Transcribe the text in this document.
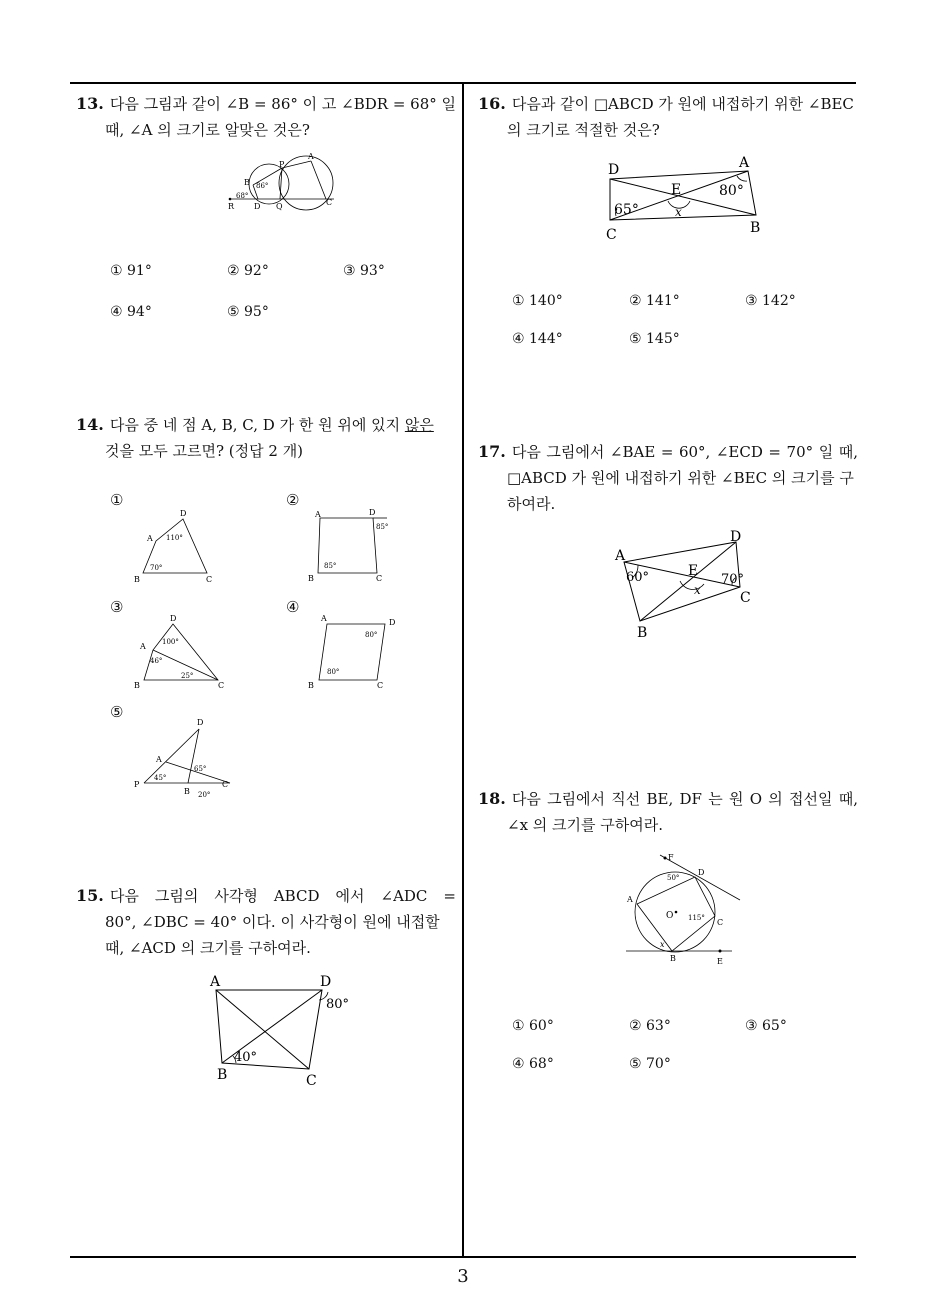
13. 다음 그림과 같이 ∠B = 86° 이 고 ∠BDR = 68° 일
때, ∠A 의 크기로 알맞은 것은?
P
A
B 86°
68°
R D Q	C
① 91°	② 92°	③ 93°
④ 94°	⑤ 95°
14. 다음 중 네 점 A, B, C, D 가 한 원 위에 있지 않은
것을 모두 고르면? (정답 2 개)
①
D
A 110°
70°
B	C
②
A	D
85°
85°
B	C
③
D
A 100°
46°
25°
B	C
④
A	D
80°
80°
B	C
⑤
D
A
65°
45°
P
B 20°
C
15. 다음 그림의 사각형 ABCD 에서 ∠ADC =
80°, ∠DBC = 40° 이다. 이 사각형이 원에 내접할
때, ∠ACD 의 크기를 구하여라.
A	D
80°
40°
B	C
16. 다음과 같이 □ABCD 가 원에 내접하기 위한 ∠BEC
의 크기로 적절한 것은?
D	A
E	80°
65°	x
C	B
① 140°	② 141°	③ 142°
④ 144°	⑤ 145°
17. 다음 그림에서 ∠BAE = 60°, ∠ECD = 70° 일 때,
□ABCD 가 원에 내접하기 위한 ∠BEC 의 크기를 구
하여라.
A
D
60°	E
70°
x	C
B
18. 다음 그림에서 직선 BE, DF 는 원 O 의 접선일 때,
∠x 의 크기를 구하여라.
F
D
50°
A
O 115° C
x
B	E
① 60°	② 63°	③ 65°
④ 68°	⑤ 70°
3
